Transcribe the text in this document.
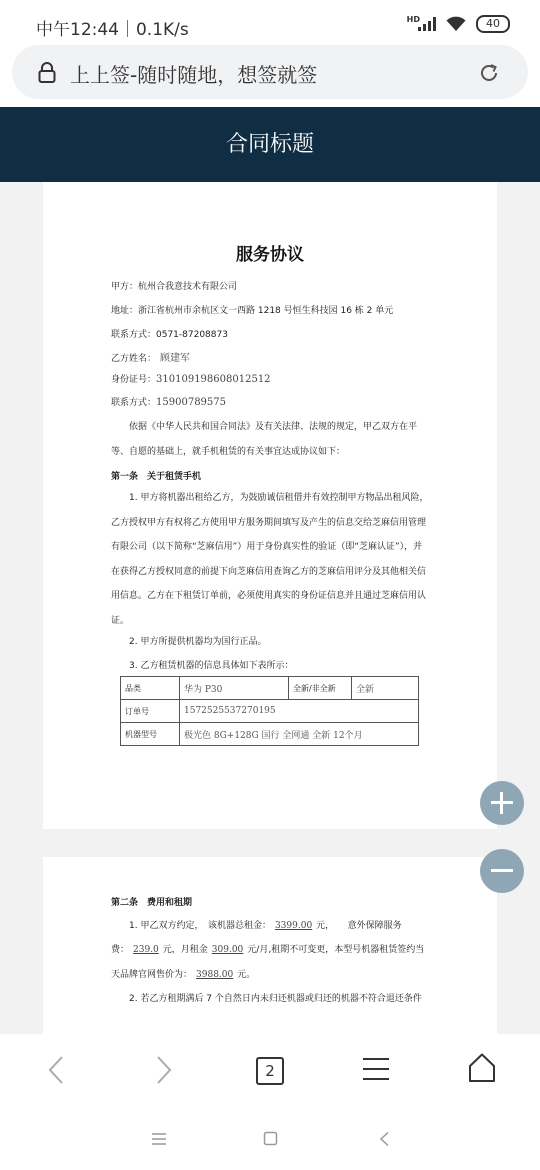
中午12:44｜0.1K/s
HD	40
上上签-随时随地，想签就签
合同标题
服务协议
甲方：杭州合我意技术有限公司
地址：浙江省杭州市余杭区文一西路 1218 号恒生科技园 16 栋 2 单元
联系方式：0571-87208873
乙方姓名： 顾建军
身份证号：310109198608012512
联系方式：15900789575
依据《中华人民共和国合同法》及有关法律、法规的规定，甲乙双方在平等、自愿的基础上，就手机租赁的有关事宜达成协议如下：
第一条　关于租赁手机
1. 甲方将机器出租给乙方，为鼓励诚信租借并有效控制甲方物品出租风险，乙方授权甲方有权将乙方使用甲方服务期间填写及产生的信息交给芝麻信用管理有限公司（以下简称“芝麻信用”）用于身份真实性的验证（即“芝麻认证”），并在获得乙方授权同意的前提下向芝麻信用查询乙方的芝麻信用评分及其他相关信用信息。乙方在下租赁订单前，必须使用真实的身份证信息并且通过芝麻信用认证。
2. 甲方所提供机器均为国行正品。
3. 乙方租赁机器的信息具体如下表所示：
品类	华为 P30	全新/非全新	全新
订单号	1572525537270195		
机器型号	极光色 8G+128G 国行 全网通 全新 12个月		
第二条　费用和租期
1. 甲乙双方约定，　该机器总租金： 3399.00 元，　　意外保障服务
费： 239.0 元，月租金 309.00 元/月,租期不可变更，本型号机器租赁签约当
天品牌官网售价为： 3988.00 元。
2. 若乙方租期满后 7 个自然日内未归还机器或归还的机器不符合退还条件
2
